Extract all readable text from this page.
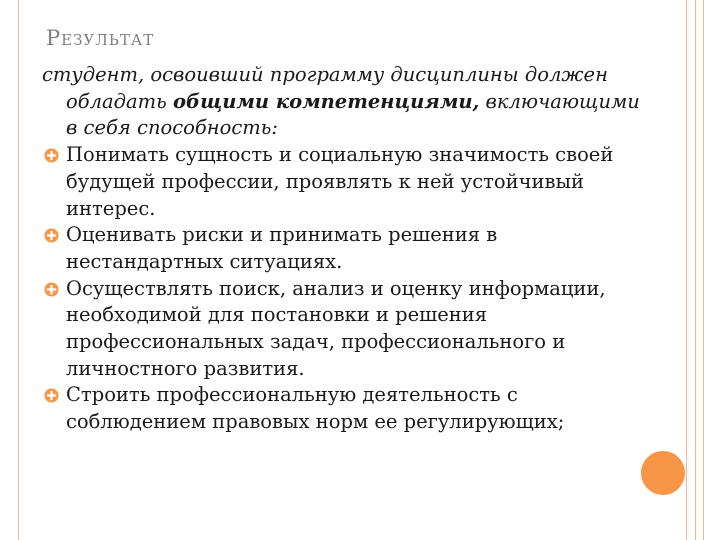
Результат

студент, освоивший программу дисциплины должен обладать общими компетенциями, включающими в себя способность:

Понимать сущность и социальную значимость своей будущей профессии, проявлять к ней устойчивый интерес.
Оценивать риски и принимать решения в нестандартных ситуациях.
Осуществлять поиск, анализ и оценку информации, необходимой для постановки и решения профессиональных задач, профессионального и личностного развития.
Строить профессиональную деятельность с соблюдением правовых норм ее регулирующих;
